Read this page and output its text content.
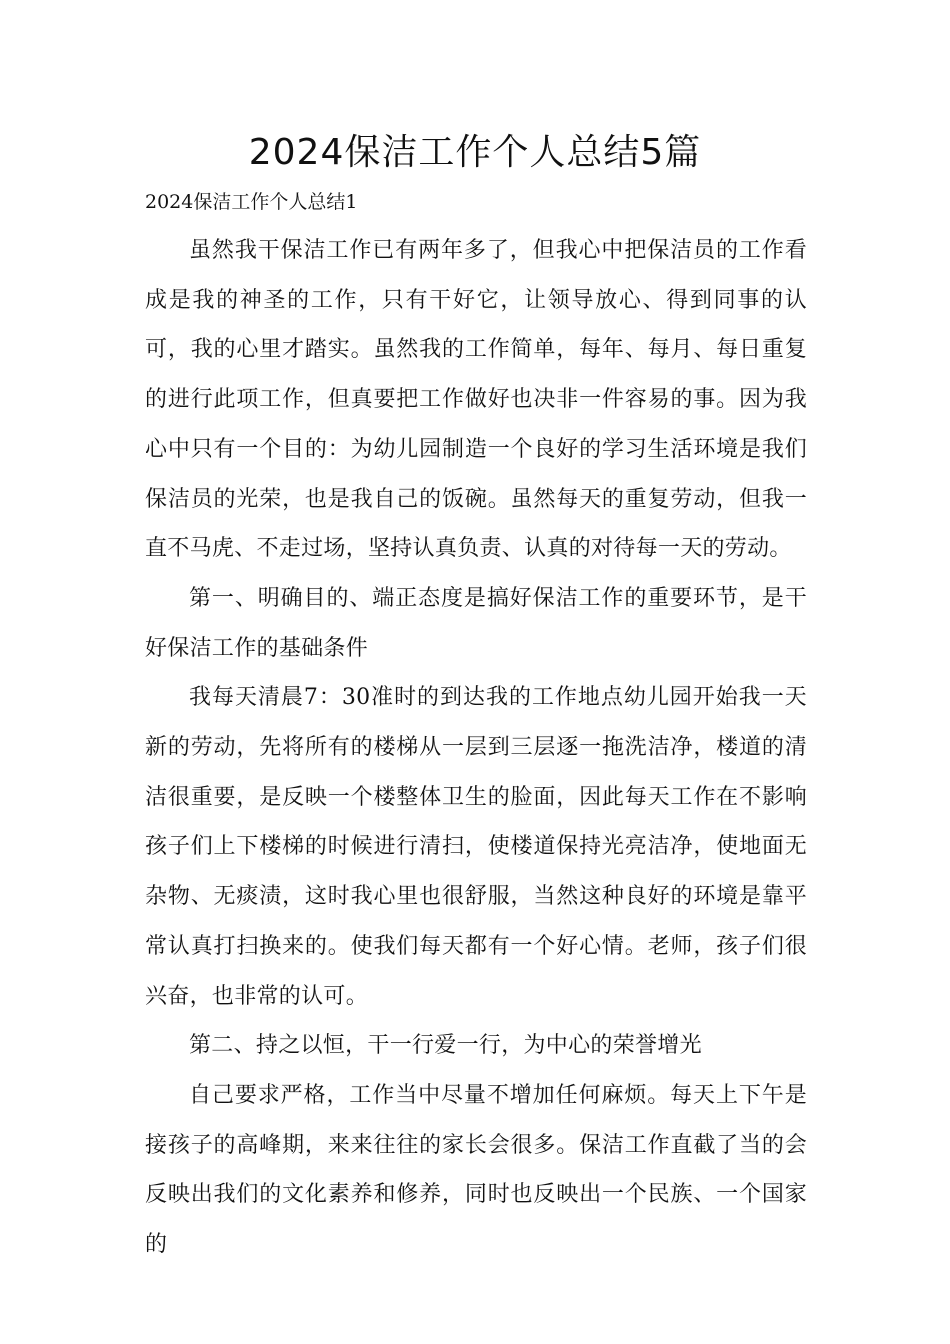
2024保洁工作个人总结5篇
2024保洁工作个人总结1

虽然我干保洁工作已有两年多了，但我心中把保洁员的工作看成是我的神圣的工作，只有干好它，让领导放心、得到同事的认可，我的心里才踏实。虽然我的工作简单，每年、每月、每日重复的进行此项工作，但真要把工作做好也决非一件容易的事。因为我心中只有一个目的：为幼儿园制造一个良好的学习生活环境是我们保洁员的光荣，也是我自己的饭碗。虽然每天的重复劳动，但我一直不马虎、不走过场，坚持认真负责、认真的对待每一天的劳动。

第一、明确目的、端正态度是搞好保洁工作的重要环节，是干好保洁工作的基础条件

我每天清晨7：30准时的到达我的工作地点幼儿园开始我一天新的劳动，先将所有的楼梯从一层到三层逐一拖洗洁净，楼道的清洁很重要，是反映一个楼整体卫生的脸面，因此每天工作在不影响孩子们上下楼梯的时候进行清扫，使楼道保持光亮洁净，使地面无杂物、无痰渍，这时我心里也很舒服，当然这种良好的环境是靠平常认真打扫换来的。使我们每天都有一个好心情。老师，孩子们很兴奋，也非常的认可。

第二、持之以恒，干一行爱一行，为中心的荣誉增光

自己要求严格，工作当中尽量不增加任何麻烦。每天上下午是接孩子的高峰期，来来往往的家长会很多。保洁工作直截了当的会反映出我们的文化素养和修养，同时也反映出一个民族、一个国家的
